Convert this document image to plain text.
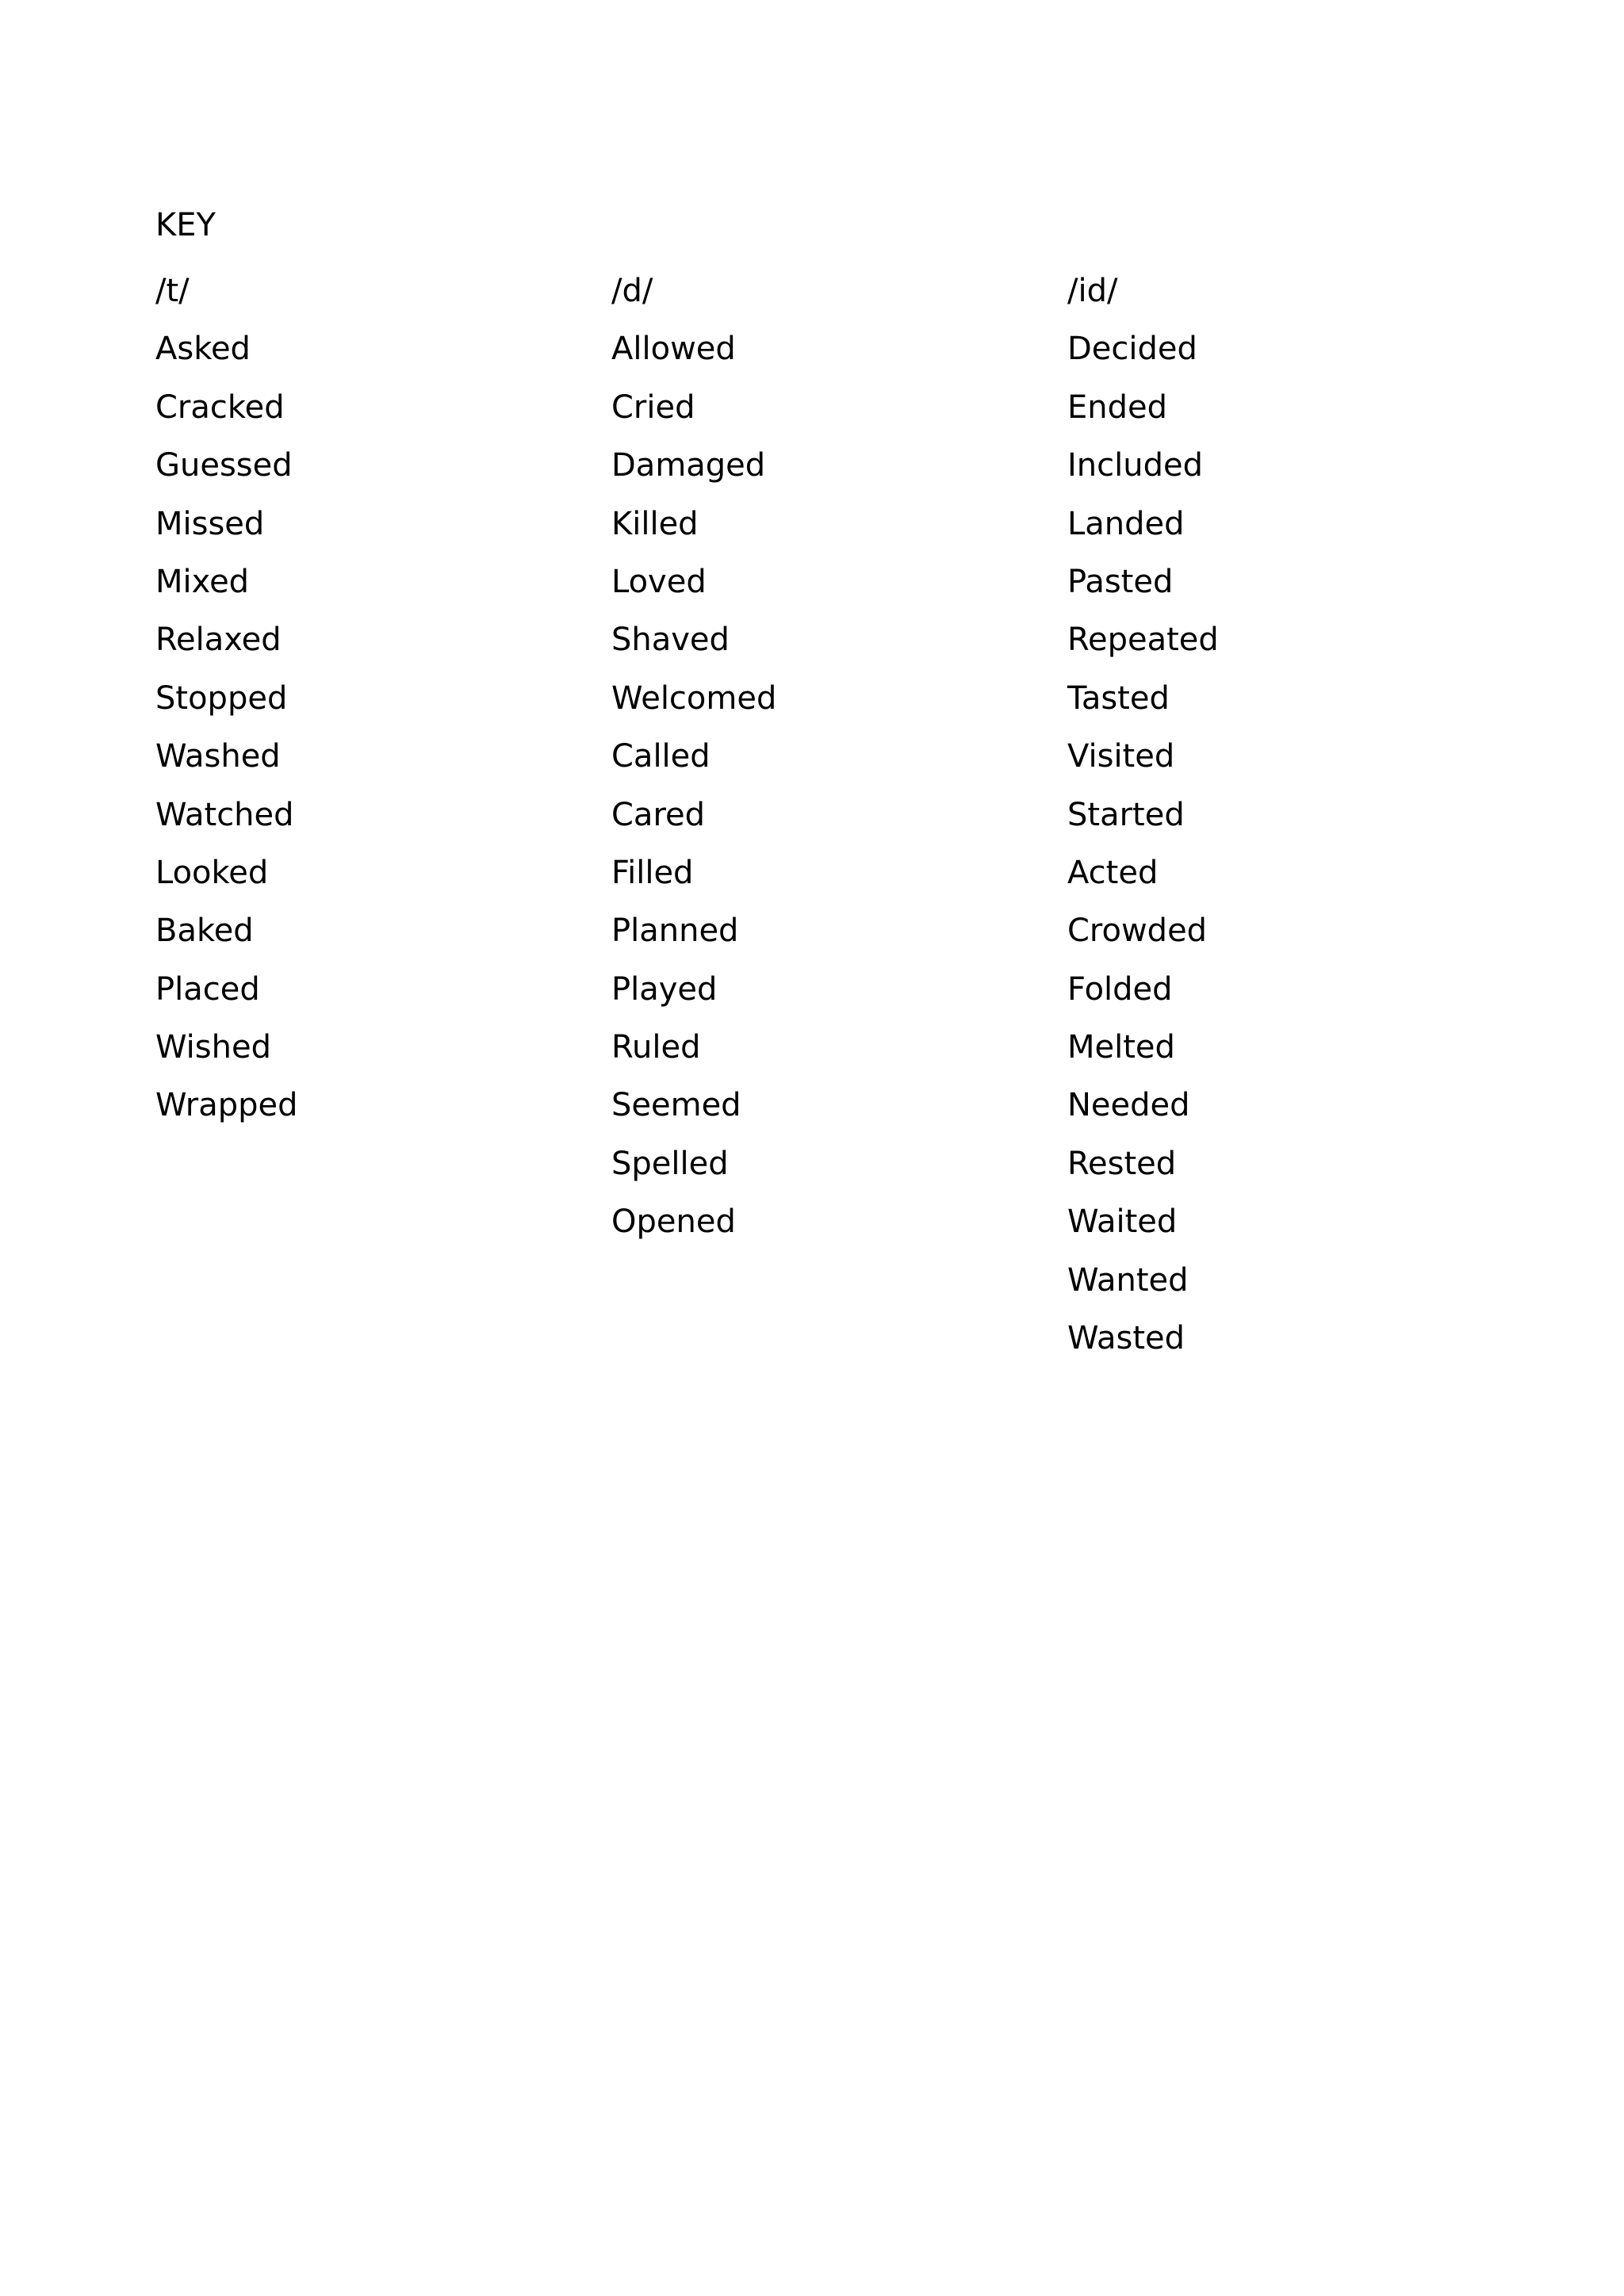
KEY
/t/
Asked
Cracked
Guessed
Missed
Mixed
Relaxed
Stopped
Washed
Watched
Looked
Baked
Placed
Wished
Wrapped
/d/
Allowed
Cried
Damaged
Killed
Loved
Shaved
Welcomed
Called
Cared
Filled
Planned
Played
Ruled
Seemed
Spelled
Opened
/id/
Decided
Ended
Included
Landed
Pasted
Repeated
Tasted
Visited
Started
Acted
Crowded
Folded
Melted
Needed
Rested
Waited
Wanted
Wasted
